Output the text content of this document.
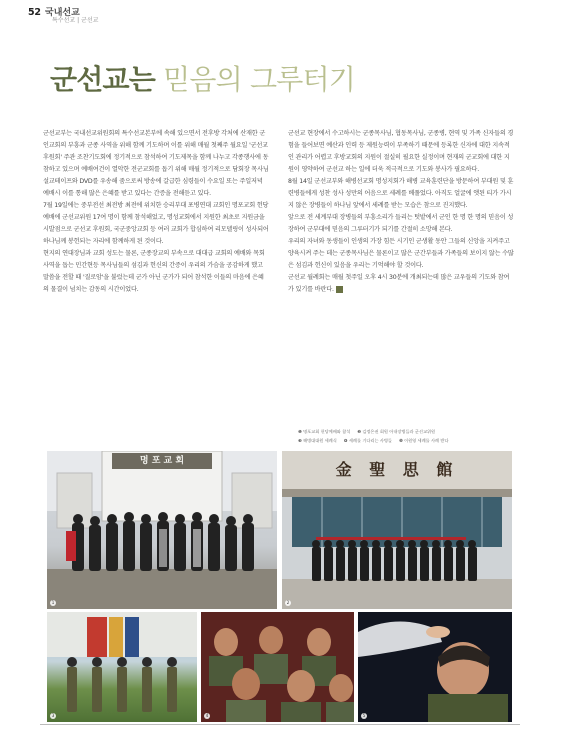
52 국내선교
특수선교 | 군선교
군선교는 믿음의 그루터기

군선교부는 국내선교위원회의 특수선교본부에 속해 있으면서 전후방 각처에 산재한 군인교회의 부흥과 군종 사역을 위해 함께 기도하며 이를 위해 매월 첫째주 월요일 '군선교후원회' 주관 조찬기도회에 정기적으로 참석하여 기도제목을 함께 나누고 각종행사에 동참하고 있으며 예배여건이 열악한 전군교회를 돕기 위해 매월 정기적으로 담회장 목사님 설교테이프와 DVD를 우송해 줌으로써 방송에 갈급한 심령들이 수요일 또는 주일저녁 예배시 이를 통해 많은 은혜를 받고 있다는 간증을 전해듣고 있다.

7월 19일에는 중부전선 최전방 최전에 위치한 승리부대 포병연대 교회인 명포교회 헌당예배에 군선교위원 17여 명이 함께 참석해었고, 명성교회에서 지원한 최초로 지원금을 시발점으로 군선교 후원회, 국군중앙교회 등 여러 교회가 합심하여 리모델링이 성사되어 하나님께 봉헌되는 자리에 함께하게 된 것이다.

현지의 연대장님과 교회 성도는 물론, 군종장교의 부속으로 대대급 교회의 예배와 목회사역을 돕는 민간현등 목사님들의 섬김과 헌신의 간증이 우리의 가슴을 공감하게 했고 말씀을 전할 때 '질로암'을 불렀는데 군가 아닌 군가가 되어 참석한 이들의 마음에 은혜의 물결이 넘치는 감동의 시간이었다.

군선교 현장에서 수고하시는 군종목사님, 협동목사님, 군종병, 현역 및 가족 신자들의 경험을 들어보면 예산과 인력 등 제원능력이 부족하기 때문에 등록한 신자에 대한 지속적인 관리가 어렵고 후방교회의 지원이 절실히 필요한 실정이며 현재의 군교회에 대한 지원이 영약하여 군선교 하는 일에 더욱 적극적으로 기도와 봉사가 필요하다.

8월 14일 군선교부와 해병선교회 명성지회가 해병 교육훈련단을 방문하여 부대원 및 훈련병들에게 성찬 성사 성만의 어음으로 세례를 베풀었다. 아직도 얼굴에 앳된 티가 가시지 않은 장병들이 하나님 앞에서 세례를 받는 모습은 참으로 진지했다.

앞으로 전 세계부대 장병들의 부흥소리가 들리는 텃밭에서 군인 한 명 한 명의 믿음이 성장하여 군부대에 믿음의 그루터기가 되기를 간절히 소망해 본다.

우리의 자녀와 동생들이 인생의 가장 힘든 시기인 군생활 동안 그들의 신앙을 지켜주고 양육시켜 주는 데는 군종목사님은 물론이고 많은 군간부들과 가족들의 보이지 않는 수많은 섬김과 헌신이 있음을 우리는 기억해야 할 것이다.

군선교 월례회는 매월 첫주일 오후 4시 30분에 개최되는데 많은 교우들의 기도와 참여가 있기를 바란다.

❶ 명포교회 헌당예배와 참석 ❷ 김정은권 회원 아내장병들과 군선교위원
❸ 해병대대원 세례식 ❹ 세례를 기다리는 사병들 ❺ 이원영 세례를 사례 받다
명 포 교 회
1
金 聖 思 館
2
3	4	5
